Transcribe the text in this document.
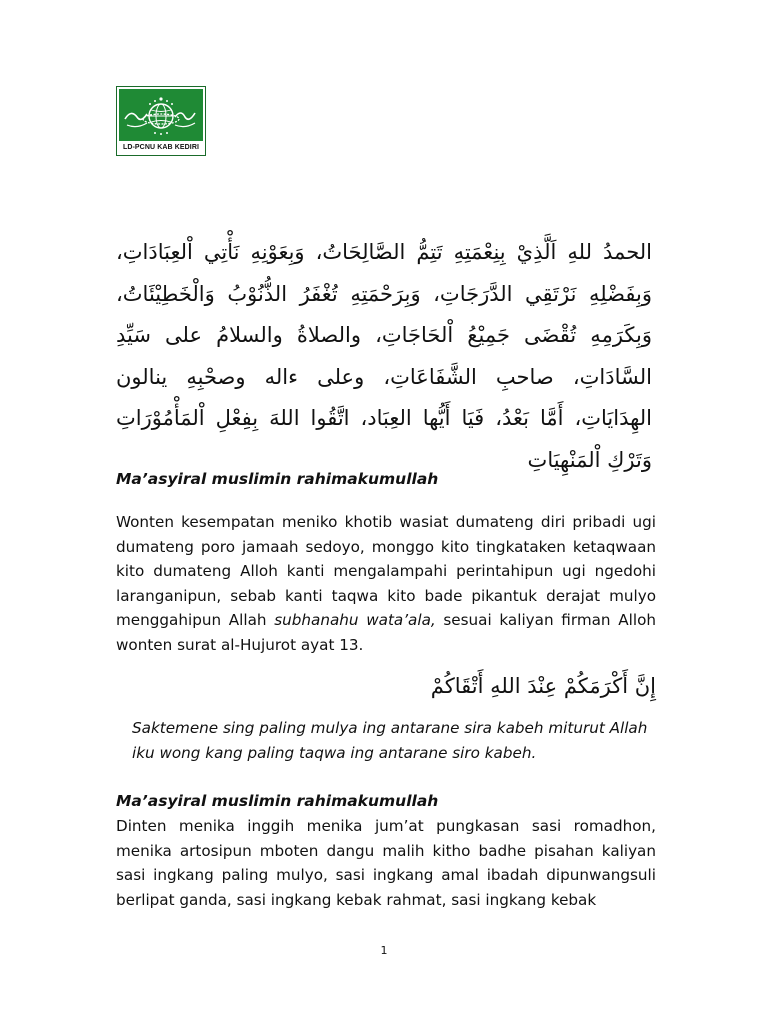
LD-PCNU KAB KEDIRI
الحمدُ للهِ اَلَّذِيْ بِنِعْمَتِهِ تَتِمُّ الصَّالِحَاتُ، وَبِعَوْنِهِ نَأْتِي اْلعِبَادَاتِ، وَبِفَضْلِهِ نَرْتَقِي الدَّرَجَاتِ، وَبِرَحْمَتِهِ تُغْفَرُ الذُّنُوْبُ وَالْخَطِيْئَاتُ، وَبِكَرَمِهِ تُقْضَى جَمِيْعُ اْلحَاجَاتِ، والصلاةُ والسلامُ على سَيِّدِ السَّادَاتِ، صاحبِ الشَّفَاعَاتِ، وعلى ءاله وصحْبِهِ ينالون الهِدَايَاتِ، أَمَّا بَعْدُ، فَيَا أَيُّها العِبَاد، اتَّقُوا اللهَ بِفِعْلِ اْلمَأْمُوْرَاتِ وَتَرْكِ اْلمَنْهِيَاتِ
Ma’asyiral muslimin rahimakumullah
Wonten kesempatan meniko khotib wasiat dumateng diri pribadi ugi dumateng poro jamaah sedoyo, monggo kito tingkataken ketaqwaan kito dumateng Alloh kanti mengalampahi perintahipun ugi ngedohi laranganipun, sebab kanti taqwa kito bade pikantuk derajat mulyo menggahipun Allah subhanahu wata’ala, sesuai kaliyan firman Alloh wonten surat al-Hujurot ayat 13.
إِنَّ أَكْرَمَكُمْ عِنْدَ اللهِ أَتْقَاكُمْ
Saktemene sing paling mulya ing antarane sira kabeh miturut Allah iku wong kang paling taqwa ing antarane siro kabeh.
Ma’asyiral muslimin rahimakumullah
Dinten menika inggih menika jum’at pungkasan sasi romadhon, menika artosipun mboten dangu malih kitho badhe pisahan kaliyan sasi ingkang paling mulyo, sasi ingkang amal ibadah dipunwangsuli berlipat ganda, sasi ingkang kebak rahmat, sasi ingkang kebak
1
